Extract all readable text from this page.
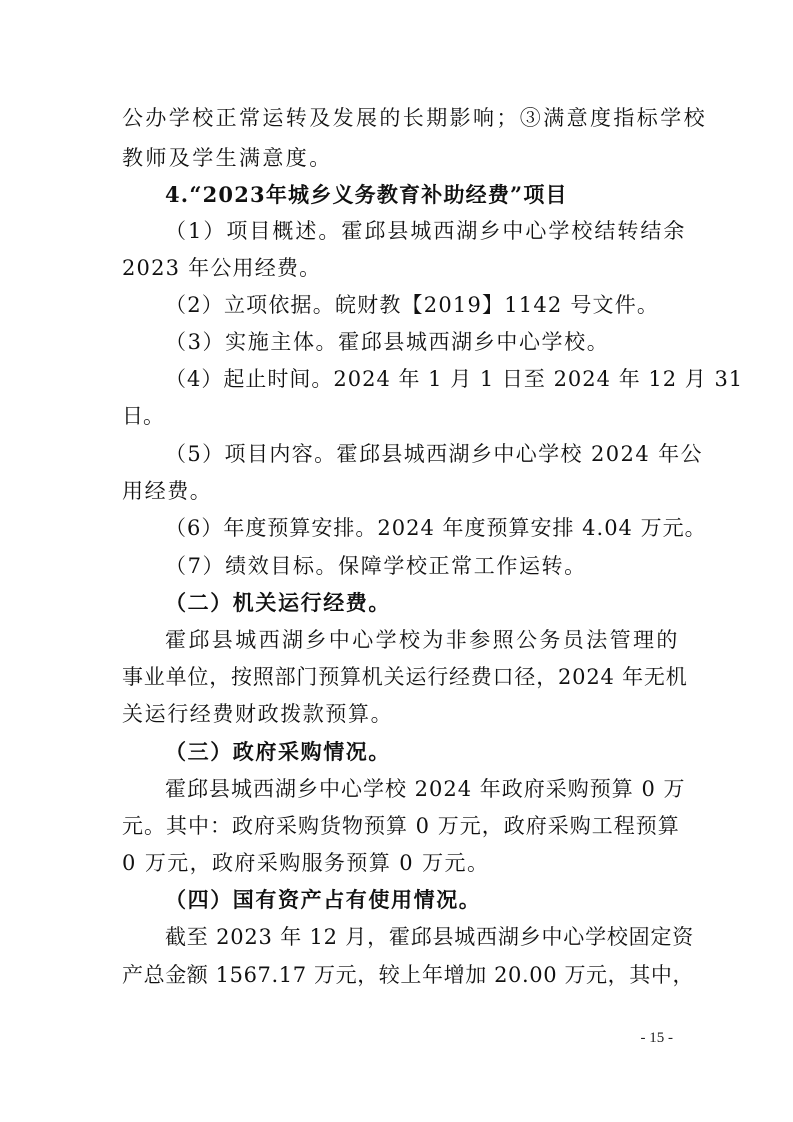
公办学校正常运转及发展的长期影响；③满意度指标学校
教师及学生满意度。
4.“2023年城乡义务教育补助经费”项目
（1）项目概述。霍邱县城西湖乡中心学校结转结余
2023 年公用经费。
（2）立项依据。皖财教【2019】1142 号文件。
（3）实施主体。霍邱县城西湖乡中心学校。
（4）起止时间。2024 年 1 月 1 日至 2024 年 12 月 31
日。
（5）项目内容。霍邱县城西湖乡中心学校 2024 年公
用经费。
（6）年度预算安排。2024 年度预算安排 4.04 万元。
（7）绩效目标。保障学校正常工作运转。
（二）机关运行经费。
霍邱县城西湖乡中心学校为非参照公务员法管理的
事业单位，按照部门预算机关运行经费口径，2024 年无机
关运行经费财政拨款预算。
（三）政府采购情况。
霍邱县城西湖乡中心学校 2024 年政府采购预算 0 万
元。其中：政府采购货物预算 0 万元，政府采购工程预算
0 万元，政府采购服务预算 0 万元。
（四）国有资产占有使用情况。
截至 2023 年 12 月，霍邱县城西湖乡中心学校固定资
产总金额 1567.17 万元，较上年增加 20.00 万元，其中，
- 15 -
